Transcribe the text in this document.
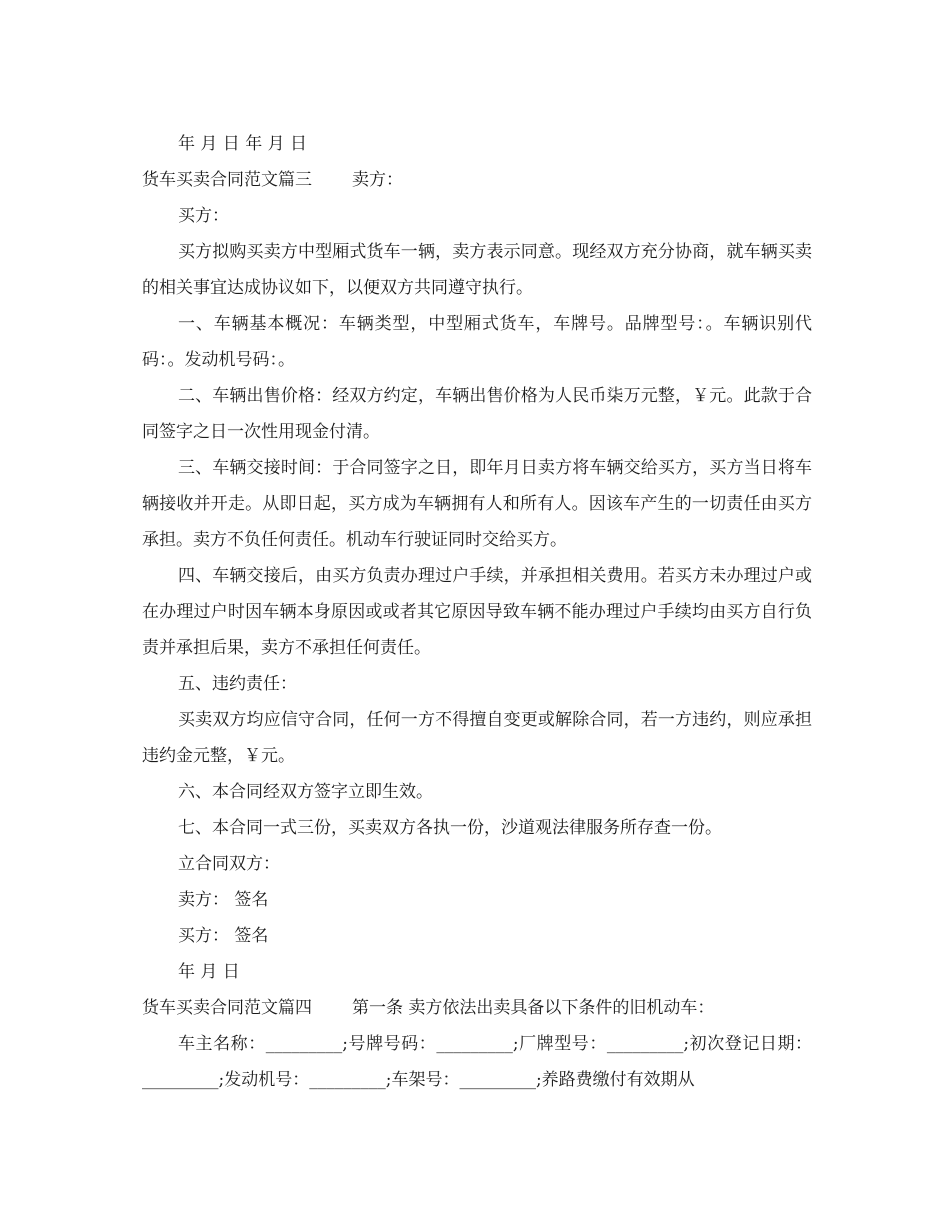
年 月 日 年 月 日

货车买卖合同范文篇三 卖方：

买方：

买方拟购买卖方中型厢式货车一辆，卖方表示同意。现经双方充分协商，就车辆买卖的相关事宜达成协议如下，以便双方共同遵守执行。

一、车辆基本概况：车辆类型，中型厢式货车，车牌号。品牌型号：。车辆识别代码：。发动机号码：。

二、车辆出售价格：经双方约定，车辆出售价格为人民币柒万元整，￥元。此款于合同签字之日一次性用现金付清。

三、车辆交接时间：于合同签字之日，即年月日卖方将车辆交给买方，买方当日将车辆接收并开走。从即日起，买方成为车辆拥有人和所有人。因该车产生的一切责任由买方承担。卖方不负任何责任。机动车行驶证同时交给买方。

四、车辆交接后，由买方负责办理过户手续，并承担相关费用。若买方未办理过户或在办理过户时因车辆本身原因或或者其它原因导致车辆不能办理过户手续均由买方自行负责并承担后果，卖方不承担任何责任。

五、违约责任：

买卖双方均应信守合同，任何一方不得擅自变更或解除合同，若一方违约，则应承担违约金元整，￥元。

六、本合同经双方签字立即生效。

七、本合同一式三份，买卖双方各执一份，沙道观法律服务所存查一份。

立合同双方：

卖方： 签名

买方： 签名

年 月 日

货车买卖合同范文篇四 第一条 卖方依法出卖具备以下条件的旧机动车：

车主名称：_________;号牌号码：_________;厂牌型号：_________;初次登记日期：_________;发动机号：_________;车架号：_________;养路费缴付有效期从
